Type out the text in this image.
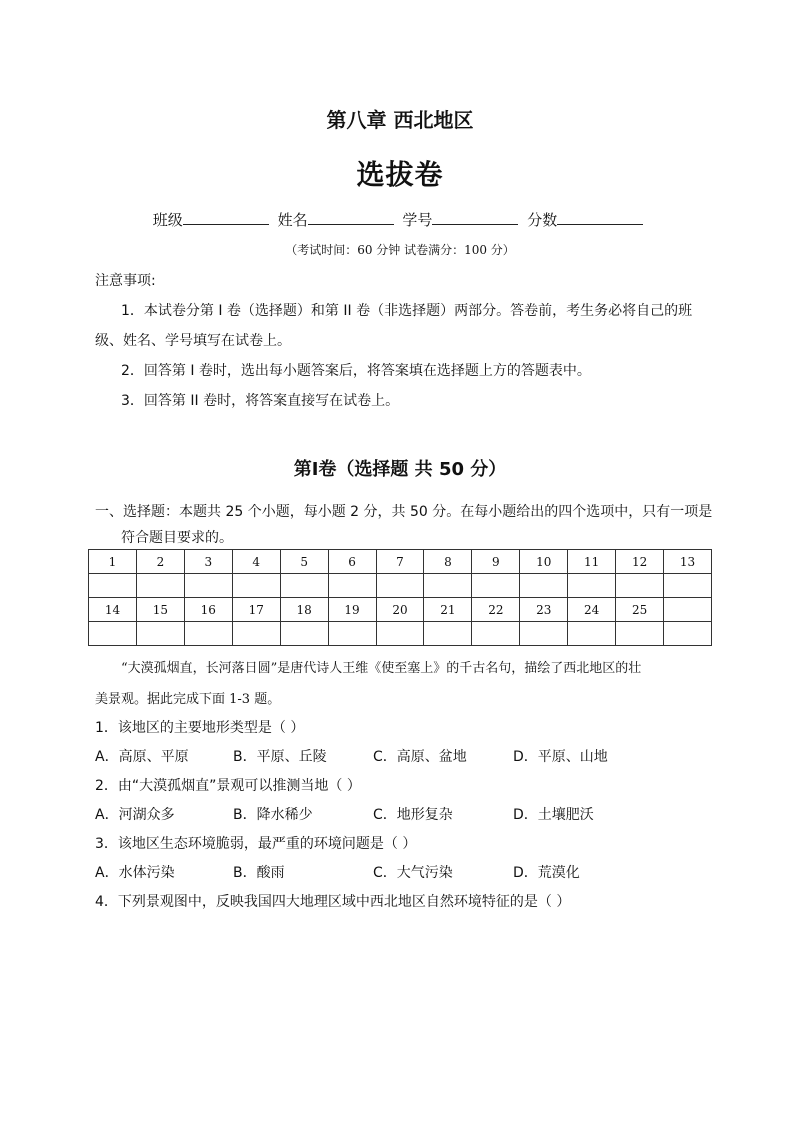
第八章 西北地区
选拔卷
班级	姓名	学号	分数
（考试时间：60 分钟 试卷满分：100 分）
注意事项:
1．本试卷分第 I 卷（选择题）和第 II 卷（非选择题）两部分。答卷前，考生务必将自己的班
级、姓名、学号填写在试卷上。
2．回答第 I 卷时，选出每小题答案后，将答案填在选择题上方的答题表中。
3．回答第 II 卷时，将答案直接写在试卷上。
第I卷（选择题 共 50 分）
一、选择题：本题共 25 个小题，每小题 2 分，共 50 分。在每小题给出的四个选项中，只有一项是
符合题目要求的。
1	2	3	4	5	6	7	8	9	10	11	12	13

14	15	16	17	18	19	20	21	22	23	24	25	

“大漠孤烟直，长河落日圆”是唐代诗人王维《使至塞上》的千古名句，描绘了西北地区的壮
美景观。据此完成下面 1-3 题。
1．该地区的主要地形类型是（ ）
A．高原、平原	B．平原、丘陵	C．高原、盆地	D．平原、山地
2．由“大漠孤烟直”景观可以推测当地（ ）
A．河湖众多	B．降水稀少	C．地形复杂	D．土壤肥沃
3．该地区生态环境脆弱，最严重的环境问题是（ ）
A．水体污染	B．酸雨	C．大气污染	D．荒漠化
4．下列景观图中，反映我国四大地理区域中西北地区自然环境特征的是（ ）
